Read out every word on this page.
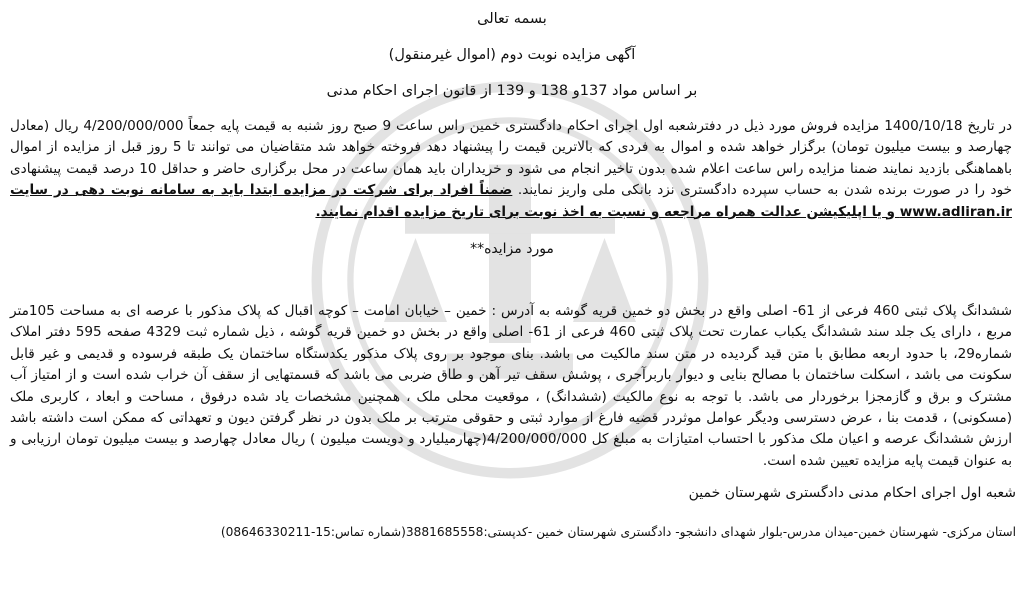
بسمه تعالی
آگهی مزایده نوبت دوم (اموال غیرمنقول)
بر اساس مواد 137و 138 و 139 از قانون اجرای احکام مدنی

در تاریخ 1400/10/18 مزایده فروش مورد ذیل در دفترشعبه اول اجرای احکام دادگستری خمین راس ساعت 9 صبح روز شنبه به قیمت پایه جمعاً 4/200/000/000 ریال (معادل چهارصد و بیست میلیون تومان) برگزار خواهد شده و اموال به فردی که بالاترین قیمت را پیشنهاد دهد فروخته خواهد شد متقاضیان می توانند تا 5 روز قبل از مزایده از اموال باهماهنگی بازدید نمایند ضمنا مزایده راس ساعت اعلام شده بدون تاخیر انجام می شود و خریداران باید همان ساعت در محل برگزاری حاضر و حداقل 10 درصد قیمت پیشنهادی خود را در صورت برنده شدن به حساب سپرده دادگستری نزد بانکی ملی واریز نمایند. ضمناً افراد برای شرکت در مزایده ابتدا باید به سامانه نوبت دهی در سایت www.adliran.ir و یا اپلیکیشن عدالت همراه مراجعه و نسبت به اخذ نوبت برای تاریخ مزایده اقدام نمایند.

مورد مزایده**

ششدانگ پلاک ثبتی 460 فرعی از 61- اصلی واقع در بخش دو خمین قریه گوشه به آدرس : خمین – خیابان امامت – کوچه اقبال که پلاک مذکور با عرصه ای به مساحت 105متر مربع ، دارای یک جلد سند ششدانگ یکباب عمارت تحت پلاک ثبتی 460 فرعی از 61- اصلی واقع در بخش دو خمین قریه گوشه ، ذیل شماره ثبت 4329 صفحه 595 دفتر املاک شماره29، با حدود اربعه مطابق با متن قید گردیده در متن سند مالکیت می باشد. بنای موجود بر روی پلاک مذکور یکدستگاه ساختمان یک طبقه فرسوده و قدیمی و غیر قابل سکونت می باشد ، اسکلت ساختمان با مصالح بنایی و دیوار باربرآجری ، پوشش سقف تیر آهن و طاق ضربی می باشد که قسمتهایی از سقف آن خراب شده است و از امتیاز آب مشترک و برق و گازمجزا برخوردار می باشد. با توجه به نوع مالکیت (ششدانگ) ، موقعیت محلی ملک ، همچنین مشخصات یاد شده درفوق ، مساحت و ابعاد ، کاربری ملک (مسکونی) ، قدمت بنا ، عرض دسترسی ودیگر عوامل موثردر قضیه فارغ از موارد ثبتی و حقوقی مترتب بر ملک بدون در نظر گرفتن دیون و تعهداتی که ممکن است داشته باشد ارزش ششدانگ عرصه و اعیان ملک مذکور با احتساب امتیازات به مبلغ کل 4/200/000/000(چهارمیلیارد و دویست میلیون ) ریال معادل چهارصد و بیست میلیون تومان ارزیابی و به عنوان قیمت پایه مزایده تعیین شده است.

شعبه اول اجرای احکام مدنی دادگستری شهرستان خمین
استان مرکزی- شهرستان خمین-میدان مدرس-بلوار شهدای دانشجو- دادگستری شهرستان خمین -کدپستی:3881685558(شماره تماس:15-08646330211)
